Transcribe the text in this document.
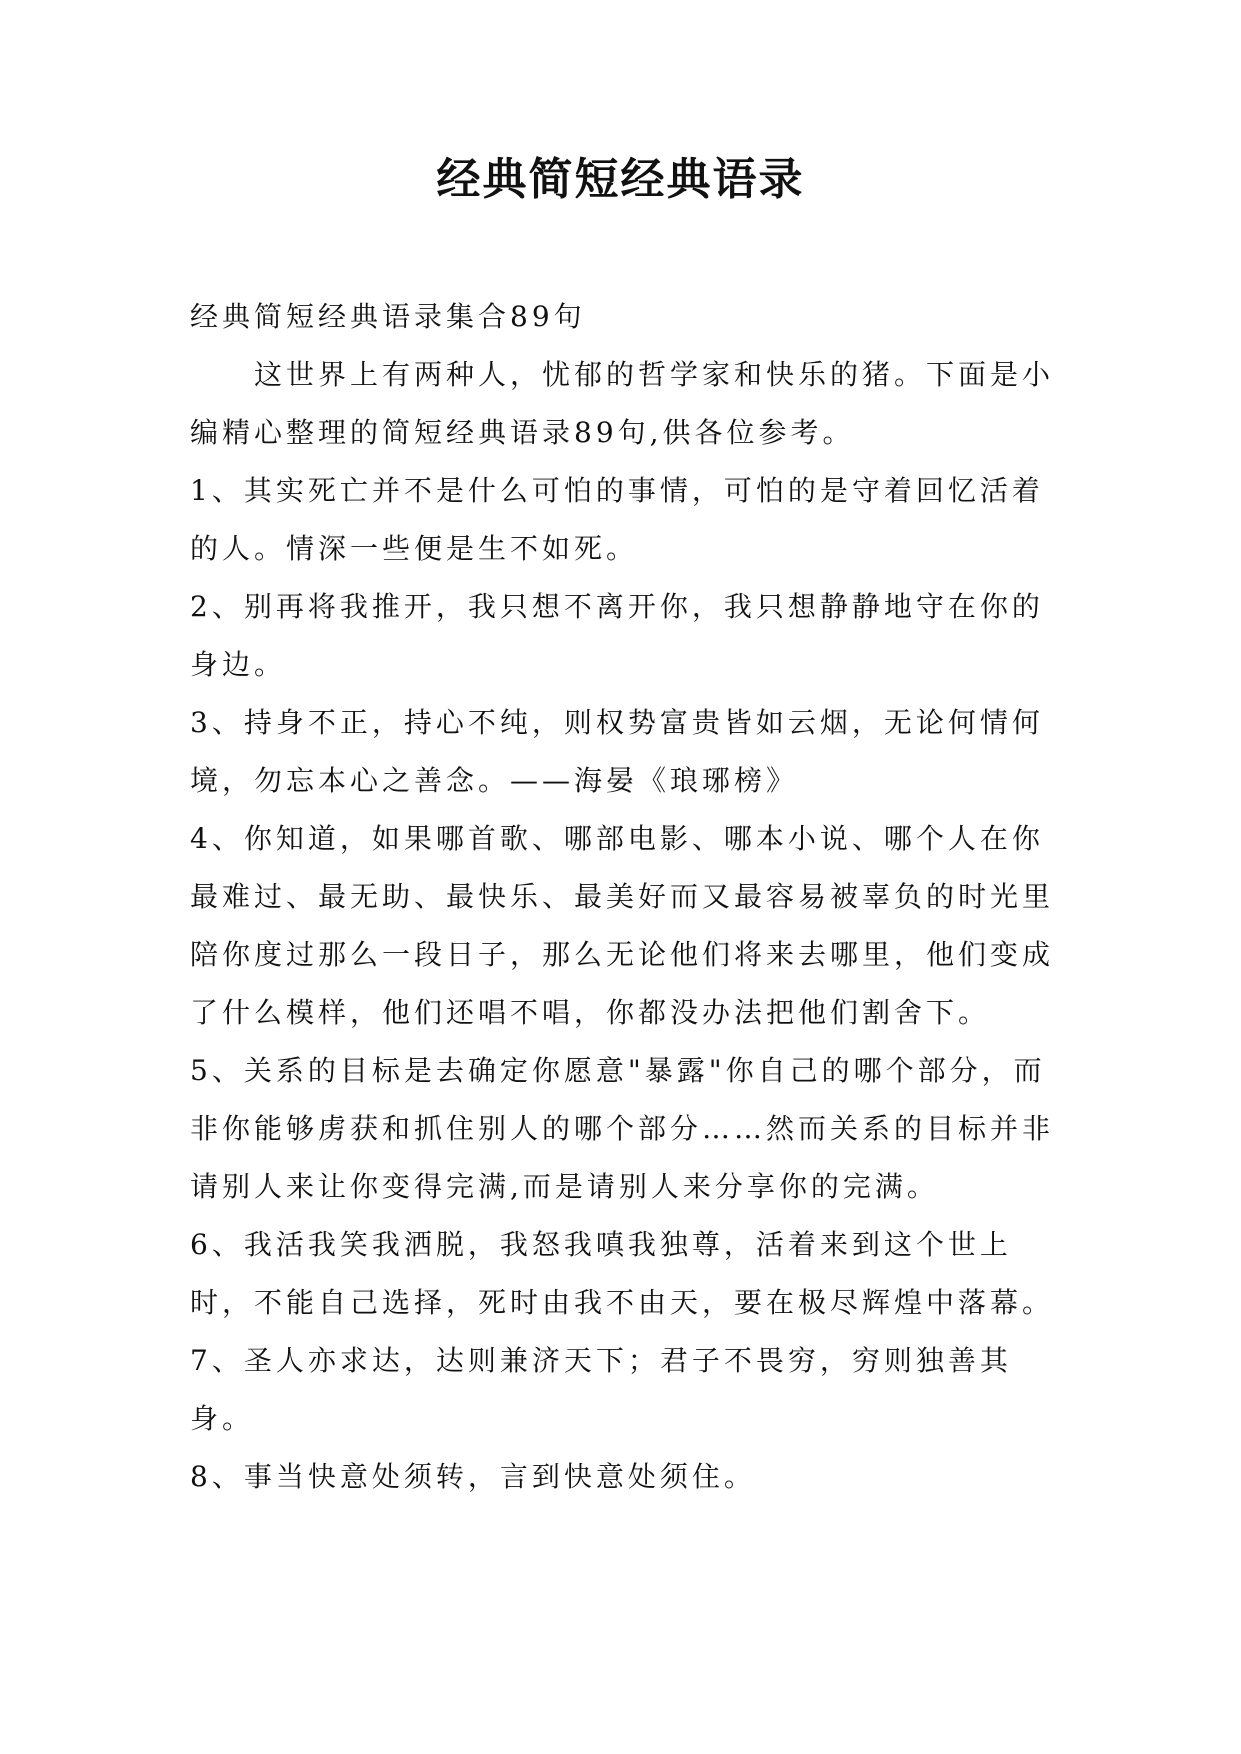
经典简短经典语录

经典简短经典语录集合89句

这世界上有两种人，忧郁的哲学家和快乐的猪。下面是小编精心整理的简短经典语录89句,供各位参考。

1、其实死亡并不是什么可怕的事情，可怕的是守着回忆活着的人。情深一些便是生不如死。

2、别再将我推开，我只想不离开你，我只想静静地守在你的身边。

3、持身不正，持心不纯，则权势富贵皆如云烟，无论何情何境，勿忘本心之善念。——海晏《琅琊榜》

4、你知道，如果哪首歌、哪部电影、哪本小说、哪个人在你最难过、最无助、最快乐、最美好而又最容易被辜负的时光里陪你度过那么一段日子，那么无论他们将来去哪里，他们变成了什么模样，他们还唱不唱，你都没办法把他们割舍下。

5、关系的目标是去确定你愿意"暴露"你自己的哪个部分，而非你能够虏获和抓住别人的哪个部分……然而关系的目标并非请别人来让你变得完满,而是请别人来分享你的完满。

6、我活我笑我洒脱，我怒我嗔我独尊，活着来到这个世上时，不能自己选择，死时由我不由天，要在极尽辉煌中落幕。

7、圣人亦求达，达则兼济天下；君子不畏穷，穷则独善其身。

8、事当快意处须转，言到快意处须住。
